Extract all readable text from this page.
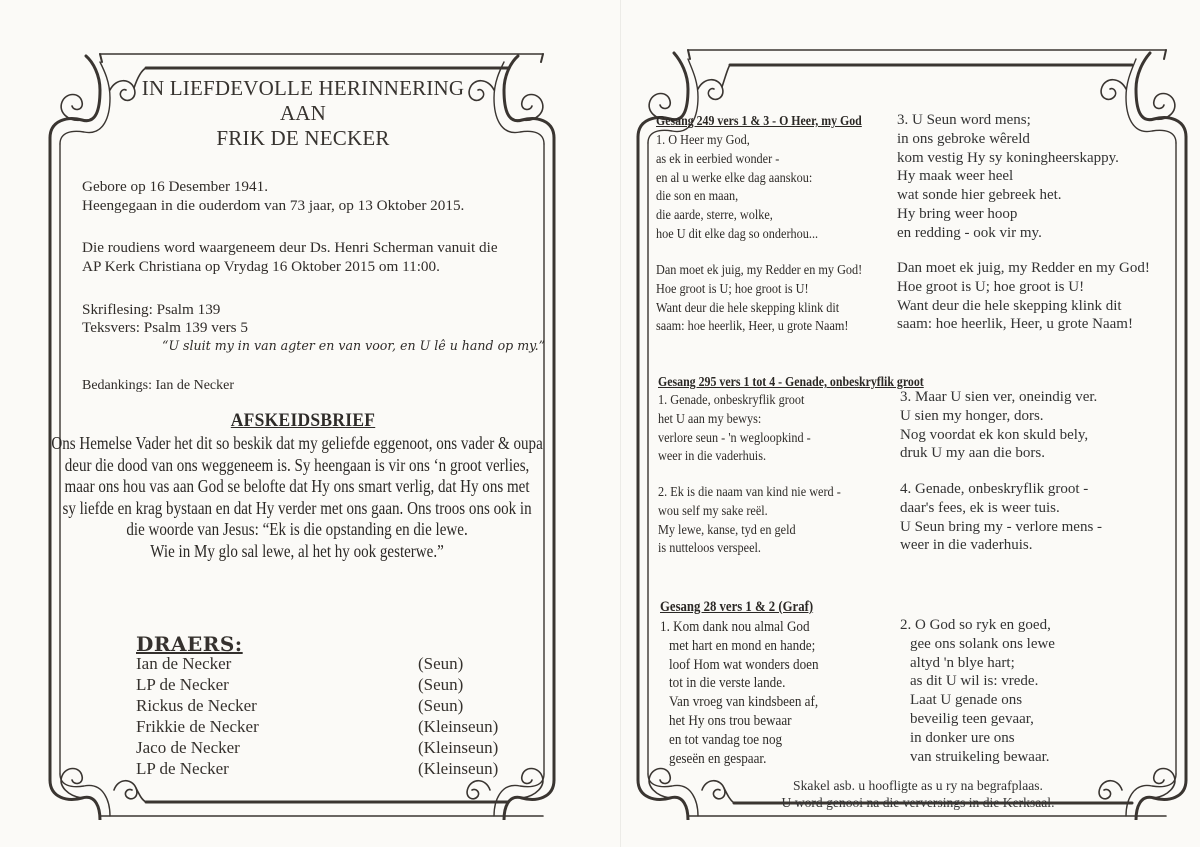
IN LIEFDEVOLLE HERINNERING
AAN
FRIK DE NECKER
Gebore op 16 Desember 1941.
Heengegaan in die ouderdom van 73 jaar, op 13 Oktober 2015.
Die roudiens word waargeneem deur Ds. Henri Scherman vanuit die
AP Kerk Christiana op Vrydag 16 Oktober 2015 om 11:00.
Skriflesing: Psalm 139
Teksvers: Psalm 139 vers 5
“U sluit my in van agter en van voor, en U lê u hand op my.”
Bedankings: Ian de Necker
AFSKEIDSBRIEF
Ons Hemelse Vader het dit so beskik dat my geliefde eggenoot, ons vader & oupa
deur die dood van ons weggeneem is. Sy heengaan is vir ons ‘n groot verlies,
maar ons hou vas aan God se belofte dat Hy ons smart verlig, dat Hy ons met
sy liefde en krag bystaan en dat Hy verder met ons gaan. Ons troos ons ook in
die woorde van Jesus: “Ek is die opstanding en die lewe.
Wie in My glo sal lewe, al het hy ook gesterwe.”
DRAERS:
Ian de Necker	(Seun)
LP de Necker	(Seun)
Rickus de Necker	(Seun)
Frikkie de Necker	(Kleinseun)
Jaco de Necker	(Kleinseun)
LP de Necker	(Kleinseun)
Gesang 249 vers 1 & 3 - O Heer, my God
1. O Heer my God,
as ek in eerbied wonder -
en al u werke elke dag aanskou:
die son en maan,
die aarde, sterre, wolke,
hoe U dit elke dag so onderhou...
Dan moet ek juig, my Redder en my God!
Hoe groot is U; hoe groot is U!
Want deur die hele skepping klink dit
saam: hoe heerlik, Heer, u grote Naam!
3. U Seun word mens;
in ons gebroke wêreld
kom vestig Hy sy koningheerskappy.
Hy maak weer heel
wat sonde hier gebreek het.
Hy bring weer hoop
en redding - ook vir my.
Dan moet ek juig, my Redder en my God!
Hoe groot is U; hoe groot is U!
Want deur die hele skepping klink dit
saam: hoe heerlik, Heer, u grote Naam!
Gesang 295 vers 1 tot 4 - Genade, onbeskryflik groot
1. Genade, onbeskryflik groot
het U aan my bewys:
verlore seun - 'n wegloopkind -
weer in die vaderhuis.
2. Ek is die naam van kind nie werd -
wou self my sake reël.
My lewe, kanse, tyd en geld
is nutteloos verspeel.
3. Maar U sien ver, oneindig ver.
U sien my honger, dors.
Nog voordat ek kon skuld bely,
druk U my aan die bors.
4. Genade, onbeskryflik groot -
daar's fees, ek is weer tuis.
U Seun bring my - verlore mens -
weer in die vaderhuis.
Gesang 28 vers 1 & 2 (Graf)
1. Kom dank nou almal God
met hart en mond en hande;
loof Hom wat wonders doen
tot in die verste lande.
Van vroeg van kindsbeen af,
het Hy ons trou bewaar
en tot vandag toe nog
geseën en gespaar.
2. O God so ryk en goed,
gee ons solank ons lewe
altyd 'n blye hart;
as dit U wil is: vrede.
Laat U genade ons
beveilig teen gevaar,
in donker ure ons
van struikeling bewaar.
Skakel asb. u hoofligte as u ry na begrafplaas.
U word genooi na die verversings in die Kerksaal.
